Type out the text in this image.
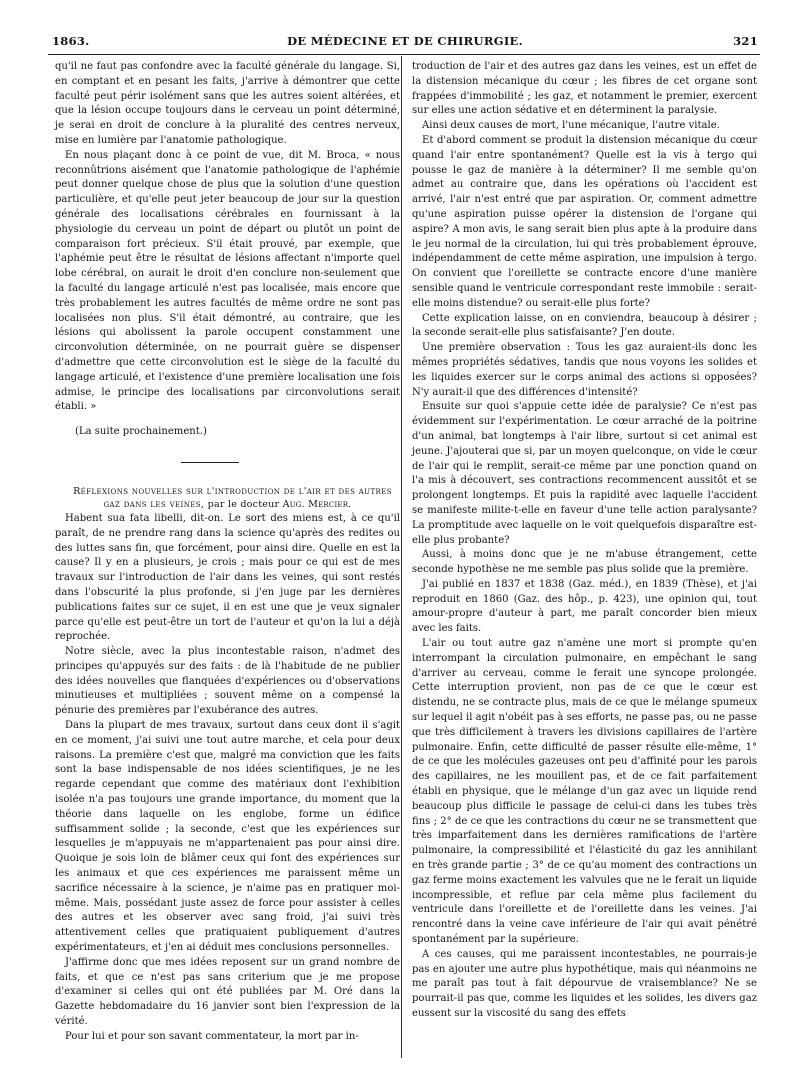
1863.	DE MÉDECINE ET DE CHIRURGIE.	321

qu'il ne faut pas confondre avec la faculté générale du langage. Si, en comptant et en pesant les faits, j'arrive à démontrer que cette faculté peut périr isolément sans que les autres soient altérées, et que la lésion occupe toujours dans le cerveau un point déterminé, je serai en droit de conclure à la pluralité des centres nerveux, mise en lumière par l'anatomie pathologique.

En nous plaçant donc à ce point de vue, dit M. Broca, « nous reconnûtrions aisément que l'anatomie pathologique de l'aphémie peut donner quelque chose de plus que la solution d'une question particulière, et qu'elle peut jeter beaucoup de jour sur la question générale des localisations cérébrales en fournissant à la physiologie du cerveau un point de départ ou plutôt un point de comparaison fort précieux. S'il était prouvé, par exemple, que l'aphémie peut être le résultat de lésions affectant n'importe quel lobe cérébral, on aurait le droit d'en conclure non-seulement que la faculté du langage articulé n'est pas localisée, mais encore que très probablement les autres facultés de même ordre ne sont pas localisées non plus. S'il était démontré, au contraire, que les lésions qui abolissent la parole occupent constamment une circonvolution déterminée, on ne pourrait guère se dispenser d'admettre que cette circonvolution est le siège de la faculté du langage articulé, et l'existence d'une première localisation une fois admise, le principe des localisations par circonvolutions serait établi. »

(La suite prochainement.)

Réflexions nouvelles sur l'introduction de l'air et des autres gaz dans les veines, par le docteur Aug. Mercier.

Habent sua fata libelli, dit-on. Le sort des miens est, à ce qu'il paraît, de ne prendre rang dans la science qu'après des redites ou des luttes sans fin, que forcément, pour ainsi dire. Quelle en est la cause? Il y en a plusieurs, je crois ; mais pour ce qui est de mes travaux sur l'introduction de l'air dans les veines, qui sont restés dans l'obscurité la plus profonde, si j'en juge par les dernières publications faites sur ce sujet, il en est une que je veux signaler parce qu'elle est peut-être un tort de l'auteur et qu'on la lui a déjà reprochée.

Notre siècle, avec la plus incontestable raison, n'admet des principes qu'appuyés sur des faits : de là l'habitude de ne publier des idées nouvelles que flanquées d'expériences ou d'observations minutieuses et multipliées ; souvent même on a compensé la pénurie des premières par l'exubérance des autres.

Dans la plupart de mes travaux, surtout dans ceux dont il s'agit en ce moment, j'ai suivi une tout autre marche, et cela pour deux raisons. La première c'est que, malgré ma conviction que les faits sont la base indispensable de nos idées scientifiques, je ne les regarde cependant que comme des matériaux dont l'exhibition isolée n'a pas toujours une grande importance, du moment que la théorie dans laquelle on les englobe, forme un édifice suffisamment solide ; la seconde, c'est que les expériences sur lesquelles je m'appuyais ne m'appartenaient pas pour ainsi dire. Quoique je sois loin de blâmer ceux qui font des expériences sur les animaux et que ces expériences me paraissent même un sacrifice nécessaire à la science, je n'aime pas en pratiquer moi-même. Mais, possédant juste assez de force pour assister à celles des autres et les observer avec sang froid, j'ai suivi très attentivement celles que pratiquaient publiquement d'autres expérimentateurs, et j'en ai déduit mes conclusions personnelles.

J'affirme donc que mes idées reposent sur un grand nombre de faits, et que ce n'est pas sans criterium que je me propose d'examiner si celles qui ont été publiées par M. Oré dans la Gazette hebdomadaire du 16 janvier sont bien l'expression de la vérité.

Pour lui et pour son savant commentateur, la mort par in-

troduction de l'air et des autres gaz dans les veines, est un effet de la distension mécanique du cœur ; les fibres de cet organe sont frappées d'immobilité ; les gaz, et notamment le premier, exercent sur elles une action sédative et en déterminent la paralysie.

Ainsi deux causes de mort, l'une mécanique, l'autre vitale.

Et d'abord comment se produit la distension mécanique du cœur quand l'air entre spontanément? Quelle est la vis à tergo qui pousse le gaz de manière à la déterminer? Il me semble qu'on admet au contraire que, dans les opérations où l'accident est arrivé, l'air n'est entré que par aspiration. Or, comment admettre qu'une aspiration puisse opérer la distension de l'organe qui aspire? A mon avis, le sang serait bien plus apte à la produire dans le jeu normal de la circulation, lui qui très probablement éprouve, indépendamment de cette même aspiration, une impulsion à tergo. On convient que l'oreillette se contracte encore d'une manière sensible quand le ventricule correspondant reste immobile : serait-elle moins distendue? ou serait-elle plus forte?

Cette explication laisse, on en conviendra, beaucoup à désirer ; la seconde serait-elle plus satisfaisante? J'en doute.

Une première observation : Tous les gaz auraient-ils donc les mêmes propriétés sédatives, tandis que nous voyons les solides et les liquides exercer sur le corps animal des actions si opposées? N'y aurait-il que des différences d'intensité?

Ensuite sur quoi s'appuie cette idée de paralysie? Ce n'est pas évidemment sur l'expérimentation. Le cœur arraché de la poitrine d'un animal, bat longtemps à l'air libre, surtout si cet animal est jeune. J'ajouterai que si, par un moyen quelconque, on vide le cœur de l'air qui le remplit, serait-ce même par une ponction quand on l'a mis à découvert, ses contractions recommencent aussitôt et se prolongent longtemps. Et puis la rapidité avec laquelle l'accident se manifeste milite-t-elle en faveur d'une telle action paralysante? La promptitude avec laquelle on le voit quelquefois disparaître est-elle plus probante?

Aussi, à moins donc que je ne m'abuse étrangement, cette seconde hypothèse ne me semble pas plus solide que la première.

J'ai publié en 1837 et 1838 (Gaz. méd.), en 1839 (Thèse), et j'ai reproduit en 1860 (Gaz. des hôp., p. 423), une opinion qui, tout amour-propre d'auteur à part, me paraît concorder bien mieux avec les faits.

L'air ou tout autre gaz n'amène une mort si prompte qu'en interrompant la circulation pulmonaire, en empêchant le sang d'arriver au cerveau, comme le ferait une syncope prolongée. Cette interruption provient, non pas de ce que le cœur est distendu, ne se contracte plus, mais de ce que le mélange spumeux sur lequel il agit n'obéit pas à ses efforts, ne passe pas, ou ne passe que très difficilement à travers les divisions capillaires de l'artère pulmonaire. Enfin, cette difficulté de passer résulte elle-même, 1° de ce que les molécules gazeuses ont peu d'affinité pour les parois des capillaires, ne les mouillent pas, et de ce fait parfaitement établi en physique, que le mélange d'un gaz avec un liquide rend beaucoup plus difficile le passage de celui-ci dans les tubes très fins ; 2° de ce que les contractions du cœur ne se transmettent que très imparfaitement dans les dernières ramifications de l'artère pulmonaire, la compressibilité et l'élasticité du gaz les annihilant en très grande partie ; 3° de ce qu'au moment des contractions un gaz ferme moins exactement les valvules que ne le ferait un liquide incompressible, et reflue par cela même plus facilement du ventricule dans l'oreillette et de l'oreillette dans les veines. J'ai rencontré dans la veine cave inférieure de l'air qui avait pénétré spontanément par la supérieure.

A ces causes, qui me paraissent incontestables, ne pourrais-je pas en ajouter une autre plus hypothétique, mais qui néanmoins ne me paraît pas tout à fait dépourvue de vraisemblance? Ne se pourrait-il pas que, comme les liquides et les solides, les divers gaz eussent sur la viscosité du sang des effets
